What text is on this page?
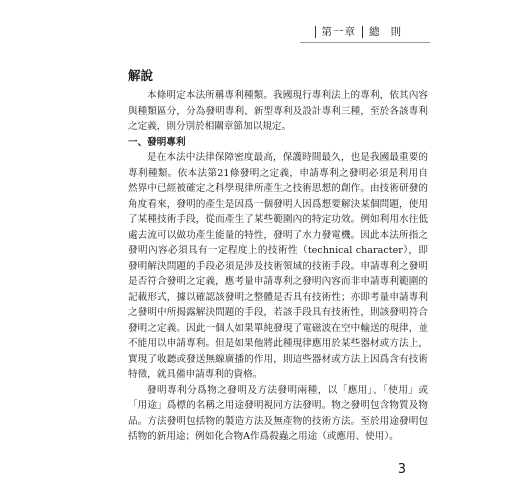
第一章 總 則

解說

本條明定本法所稱專利種類。我國現行專利法上的專利，依其內容與種類區分，分為發明專利、新型專利及設計專利三種，至於各該專利之定義，則分別於相關章節加以規定。

一、發明專利

是在本法中法律保障密度最高，保護時間最久，也是我國最重要的專利種類。依本法第21條發明之定義，申請專利之發明必須是利用自然界中已經被確定之科學現律所產生之技術思想的創作。由技術研發的角度看來，發明的產生是因爲一個發明人因爲想要解決某個問題，使用了某種技術手段，從而產生了某些範圍內的特定功效。例如利用水往低處去流可以做功產生能量的特性，發明了水力發電機。因此本法所指之發明內容必須具有一定程度上的技術性（technical character），即發明解決問題的手段必須是涉及技術領域的技術手段。申請專利之發明是否符合發明之定義，應考量申請專利之發明內容而非申請專利範圍的記載形式，據以確認該發明之整體是否具有技術性；亦即考量申請專利之發明中所揭露解決問題的手段，若該手段具有技術性，則該發明符合發明之定義。因此一個人如果單純發現了電磁波在空中輸送的現律，並不能用以申請專利。但是如果他將此種現律應用於某些器材或方法上，實現了收聽或發送無線廣播的作用，則這些器材或方法上因爲含有技術特徵，就具備申請專利的資格。

發明專利分爲物之發明及方法發明兩種，以「應用」、「使用」或「用途」爲標的名稱之用途發明視同方法發明。物之發明包含物質及物品。方法發明包括物的製造方法及無產物的技術方法。至於用途發明包括物的新用途；例如化合物A作爲殺蟲之用途（或應用、使用）。

3
